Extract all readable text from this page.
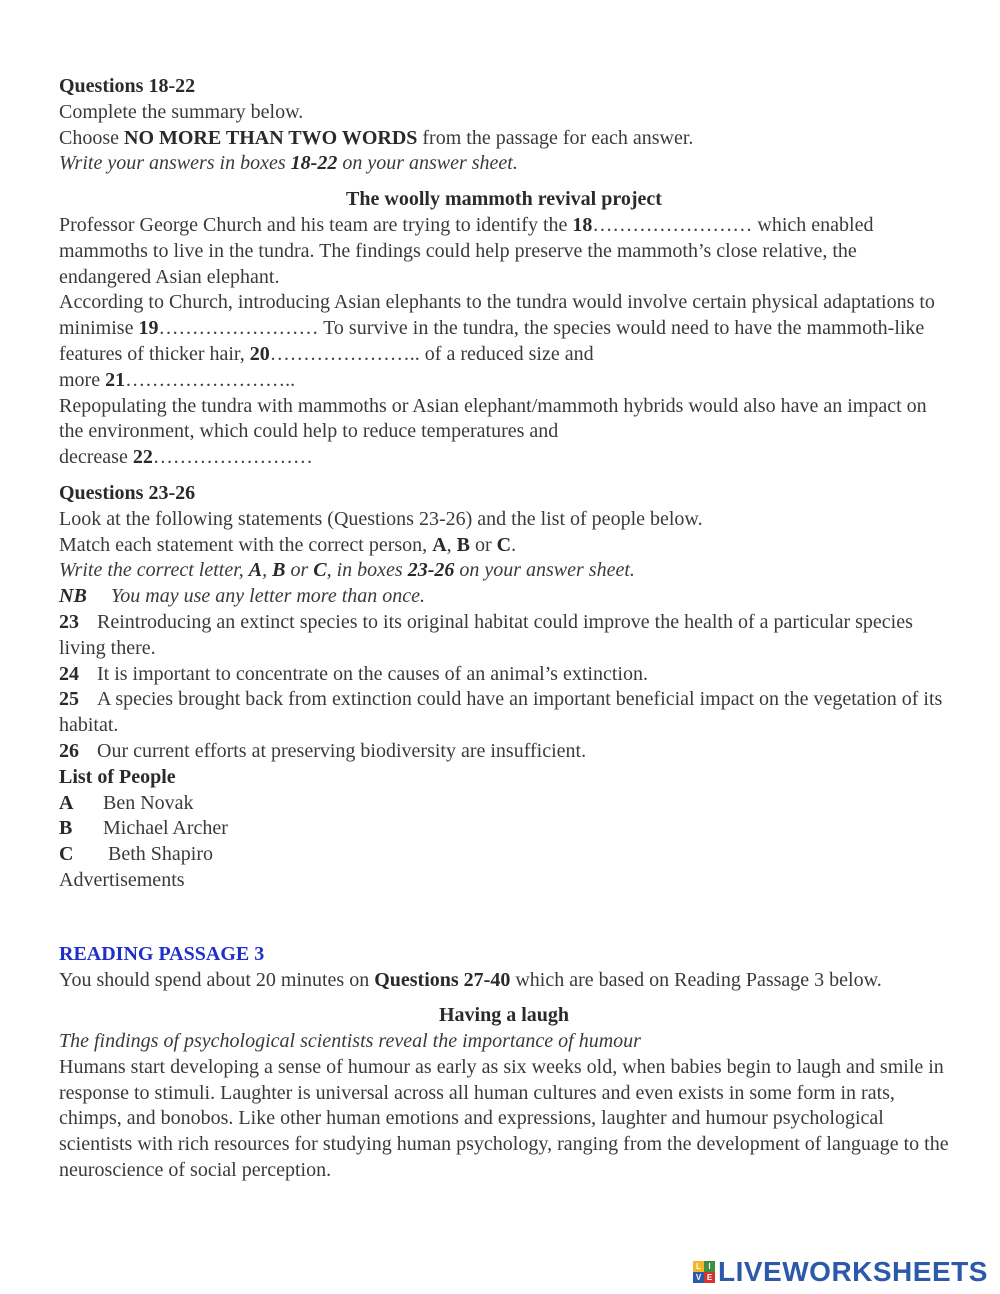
Questions 18-22

Complete the summary below.

Choose NO MORE THAN TWO WORDS from the passage for each answer.

Write your answers in boxes 18-22 on your answer sheet.

The woolly mammoth revival project

Professor George Church and his team are trying to identify the 18…………………… which enabled mammoths to live in the tundra. The findings could help preserve the mammoth’s close relative, the endangered Asian elephant.

According to Church, introducing Asian elephants to the tundra would involve certain physical adaptations to minimise 19…………………… To survive in the tundra, the species would need to have the mammoth-like features of thicker hair, 20………………….. of a reduced size and
more 21……………………..

Repopulating the tundra with mammoths or Asian elephant/mammoth hybrids would also have an impact on the environment, which could help to reduce temperatures and
decrease 22……………………

Questions 23-26

Look at the following statements (Questions 23-26) and the list of people below.

Match each statement with the correct person, A, B or C.

Write the correct letter, A, B or C, in boxes 23-26 on your answer sheet.

NB You may use any letter more than once.

23 Reintroducing an extinct species to its original habitat could improve the health of a particular species living there.

24 It is important to concentrate on the causes of an animal’s extinction.

25 A species brought back from extinction could have an important beneficial impact on the vegetation of its habitat.

26 Our current efforts at preserving biodiversity are insufficient.

List of People

A Ben Novak

B Michael Archer

C Beth Shapiro

Advertisements

READING PASSAGE 3

You should spend about 20 minutes on Questions 27-40 which are based on Reading Passage 3 below.

Having a laugh

The findings of psychological scientists reveal the importance of humour

Humans start developing a sense of humour as early as six weeks old, when babies begin to laugh and smile in response to stimuli. Laughter is universal across all human cultures and even exists in some form in rats, chimps, and bonobos. Like other human emotions and expressions, laughter and humour psychological scientists with rich resources for studying human psychology, ranging from the development of language to the neuroscience of social perception.

L I
V E LIVEWORKSHEETS
